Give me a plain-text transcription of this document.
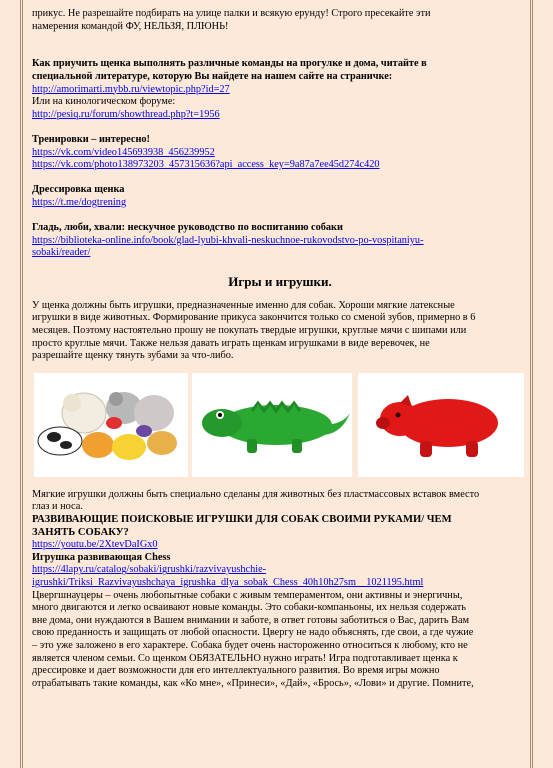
прикус. Не разрешайте подбирать на улице палки и всякую ерунду! Строго пресекайте эти

намерения командой ФУ, НЕЛЬЗЯ, ПЛЮНЬ!

Как приучить щенка выполнять различные команды на прогулке и дома, читайте в

специальной литературе, которую Вы найдете на нашем сайте на страничке:

http://amorimarti.mybb.ru/viewtopic.php?id=27

Или на кинологическом форуме:

http://pesiq.ru/forum/showthread.php?t=1956

Тренировки – интересно!

https://vk.com/video145693938_456239952

https://vk.com/photo138973203_457315636?api_access_key=9a87a7ee45d274c420

Дрессировка щенка

https://t.me/dogtrening

Гладь, люби, хвали: нескучное руководство по воспитанию собаки

https://biblioteka-online.info/book/glad-lyubi-khvali-neskuchnoe-rukovodstvo-po-vospitaniyu-

sobaki/reader/

Игры и игрушки.

У щенка должны быть игрушки, предназначенные именно для собак. Хороши мягкие латексные

игрушки в виде животных. Формирование прикуса закончится только со сменой зубов, примерно в 6

месяцев. Поэтому настоятельно прошу не покупать твердые игрушки, круглые мячи с шипами или

просто круглые мячи. Также нельзя давать играть щенкам игрушками в виде веревочек, не

разрешайте щенку тянуть зубами за что-либо.

Мягкие игрушки должны быть специально сделаны для животных без пластмассовых вставок вместо

глаз и носа.

РАЗВИВАЮЩИЕ ПОИСКОВЫЕ ИГРУШКИ ДЛЯ СОБАК СВОИМИ РУКАМИ/ ЧЕМ

ЗАНЯТЬ СОБАКУ?

https://youtu.be/2XtevDaIGx0

Игрушка развивающая Chess

https://4lapy.ru/catalog/sobaki/igrushki/razvivayushchie-

igrushki/Triksi_Razvivayushchaya_igrushka_dlya_sobak_Chess_40h10h27sm__1021195.html

Цвергшнауцеры – очень любопытные собаки с живым темпераментом, они активны и энергичны,

много двигаются и легко осваивают новые команды. Это собаки-компаньоны, их нельзя содержать

вне дома, они нуждаются в Вашем внимании и заботе, в ответ готовы заботиться о Вас, дарить Вам

свою преданность и защищать от любой опасности. Цвергу не надо объяснять, где свои, а где чужие

– это уже заложено в его характере. Собака будет очень настороженно относиться к любому, кто не

является членом семьи. Со щенком ОБЯЗАТЕЛЬНО нужно играть! Игра подготавливает щенка к

дрессировке и дает возможности для его интеллектуального развития. Во время игры можно

отрабатывать такие команды, как «Ко мне», «Принеси», «Дай», «Брось», «Лови» и другие. Помните,
